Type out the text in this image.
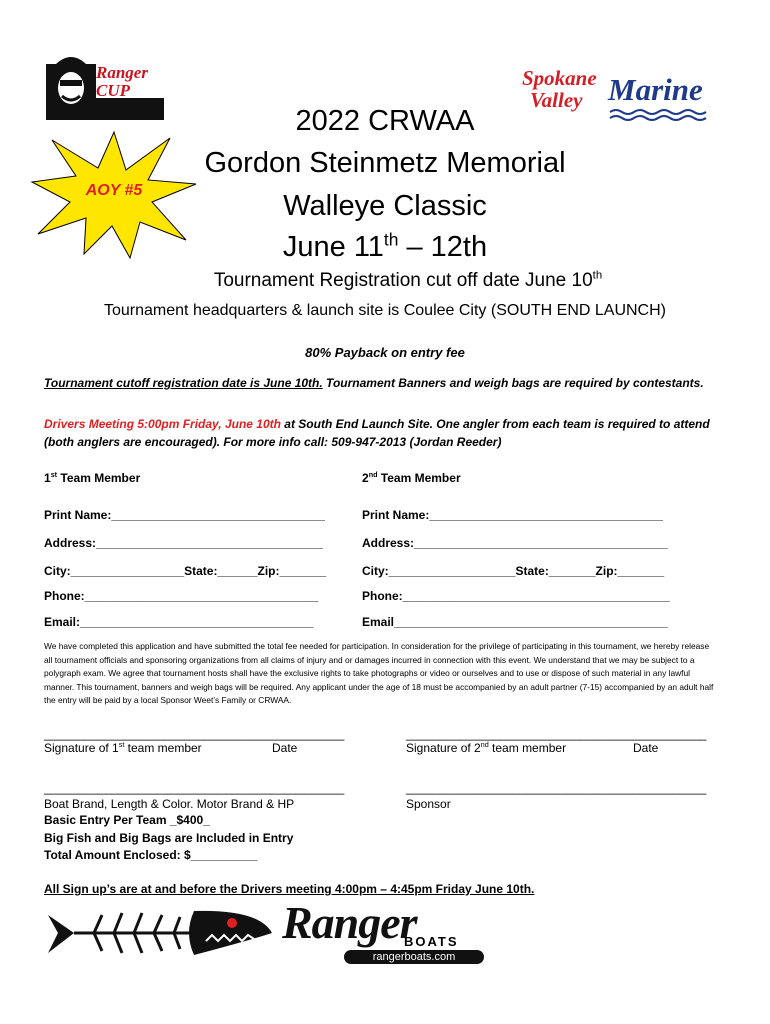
Ranger CUP
AOY #5
Spokane
Valley Marine
2022 CRWAA
Gordon Steinmetz Memorial
Walleye Classic
June 11th – 12th
Tournament Registration cut off date June 10th
Tournament headquarters & launch site is Coulee City (SOUTH END LAUNCH)
80% Payback on entry fee
Tournament cutoff registration date is June 10th. Tournament Banners and weigh bags are required by contestants.
Drivers Meeting 5:00pm Friday, June 10th at South End Launch Site. One angler from each team is required to attend
(both anglers are encouraged). For more info call: 509-947-2013 (Jordan Reeder)
1st Team Member
Print Name:________________________________
Address:__________________________________
City:_________________State:______Zip:_______
Phone:___________________________________
Email:___________________________________
2nd Team Member
Print Name:___________________________________
Address:______________________________________
City:___________________State:_______Zip:_______
Phone:________________________________________
Email_________________________________________
We have completed this application and have submitted the total fee needed for participation. In consideration for the privilege of participating in this tournament, we hereby release all tournament officials and sponsoring organizations from all claims of injury and or damages incurred in connection with this event. We understand that we may be subject to a polygraph exam. We agree that tournament hosts shall have the exclusive rights to take photographs or video or ourselves and to use or dispose of such material in any lawful manner. This tournament, banners and weigh bags will be required. Any applicant under the age of 18 must be accompanied by an adult partner (7-15) accompanied by an adult half the entry will be paid by a local Sponsor Weet’s Family or CRWAA.
_____________________________________________
Signature of 1st team member	Date
_____________________________________________
Signature of 2nd team member	Date
_____________________________________________
Boat Brand, Length & Color. Motor Brand & HP
_____________________________________________
Sponsor
Basic Entry Per Team _$400_
Big Fish and Big Bags are Included in Entry
Total Amount Enclosed: $__________
All Sign up’s are at and before the Drivers meeting 4:00pm – 4:45pm Friday June 10th.
Ranger
BOATS
rangerboats.com
